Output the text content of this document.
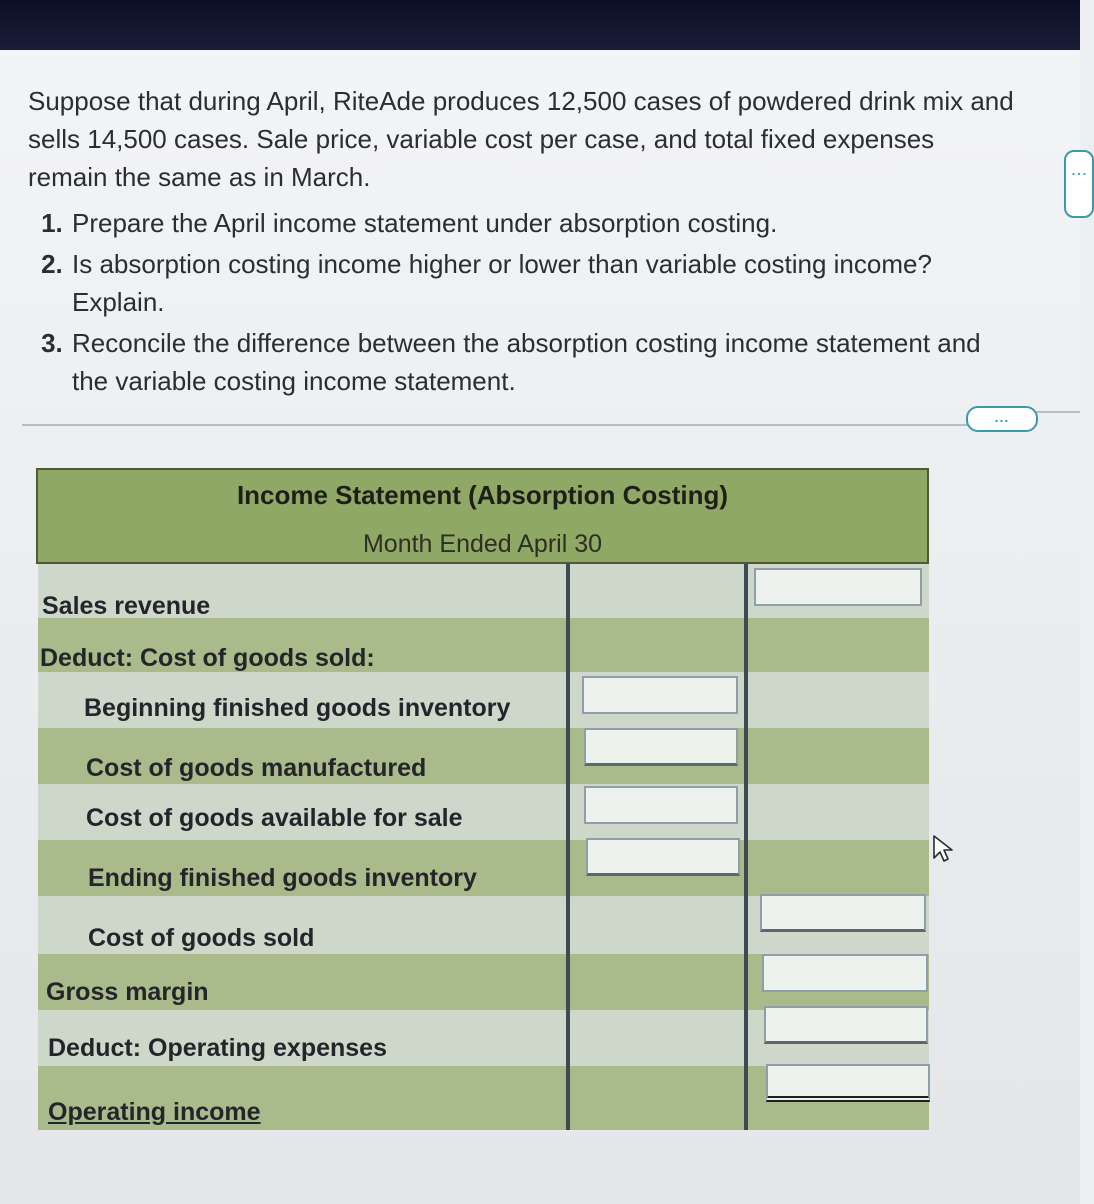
Suppose that during April, RiteAde produces 12,500 cases of powdered drink mix and sells 14,500 cases. Sale price, variable cost per case, and total fixed expenses remain the same as in March.

1. Prepare the April income statement under absorption costing.
2. Is absorption costing income higher or lower than variable costing income? Explain.
3. Reconcile the difference between the absorption costing income statement and the variable costing income statement.
⋮
...
Income Statement (Absorption Costing)
Month Ended April 30
Sales revenue
Deduct: Cost of goods sold:
Beginning finished goods inventory
Cost of goods manufactured
Cost of goods available for sale
Ending finished goods inventory
Cost of goods sold
Gross margin
Deduct: Operating expenses
Operating income
